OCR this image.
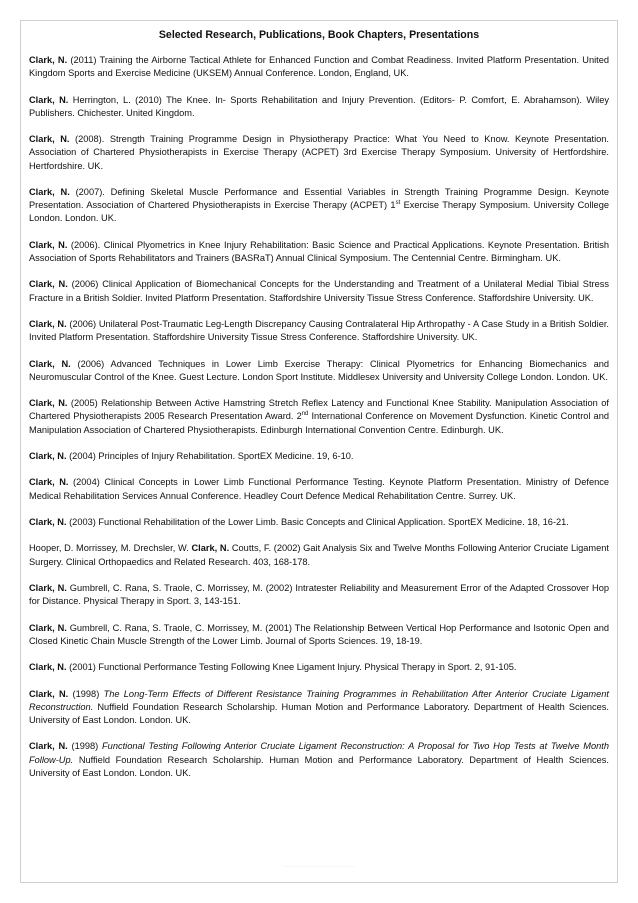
Selected Research, Publications, Book Chapters, Presentations

Clark, N. (2011) Training the Airborne Tactical Athlete for Enhanced Function and Combat Readiness. Invited Platform Presentation. United Kingdom Sports and Exercise Medicine (UKSEM) Annual Conference. London, England, UK.

Clark, N. Herrington, L. (2010) The Knee. In- Sports Rehabilitation and Injury Prevention. (Editors- P. Comfort, E. Abrahamson). Wiley Publishers. Chichester. United Kingdom.

Clark, N. (2008). Strength Training Programme Design in Physiotherapy Practice: What You Need to Know. Keynote Presentation. Association of Chartered Physiotherapists in Exercise Therapy (ACPET) 3rd Exercise Therapy Symposium. University of Hertfordshire. Hertfordshire. UK.

Clark, N. (2007). Defining Skeletal Muscle Performance and Essential Variables in Strength Training Programme Design. Keynote Presentation. Association of Chartered Physiotherapists in Exercise Therapy (ACPET) 1st Exercise Therapy Symposium. University College London. London. UK.

Clark, N. (2006). Clinical Plyometrics in Knee Injury Rehabilitation: Basic Science and Practical Applications. Keynote Presentation. British Association of Sports Rehabilitators and Trainers (BASRaT) Annual Clinical Symposium. The Centennial Centre. Birmingham. UK.

Clark, N. (2006) Clinical Application of Biomechanical Concepts for the Understanding and Treatment of a Unilateral Medial Tibial Stress Fracture in a British Soldier. Invited Platform Presentation. Staffordshire University Tissue Stress Conference. Staffordshire University. UK.

Clark, N. (2006) Unilateral Post-Traumatic Leg-Length Discrepancy Causing Contralateral Hip Arthropathy - A Case Study in a British Soldier. Invited Platform Presentation. Staffordshire University Tissue Stress Conference. Staffordshire University. UK.

Clark, N. (2006) Advanced Techniques in Lower Limb Exercise Therapy: Clinical Plyometrics for Enhancing Biomechanics and Neuromuscular Control of the Knee. Guest Lecture. London Sport Institute. Middlesex University and University College London. London. UK.

Clark, N. (2005) Relationship Between Active Hamstring Stretch Reflex Latency and Functional Knee Stability. Manipulation Association of Chartered Physiotherapists 2005 Research Presentation Award. 2nd International Conference on Movement Dysfunction. Kinetic Control and Manipulation Association of Chartered Physiotherapists. Edinburgh International Convention Centre. Edinburgh. UK.

Clark, N. (2004) Principles of Injury Rehabilitation. SportEX Medicine. 19, 6-10.

Clark, N. (2004) Clinical Concepts in Lower Limb Functional Performance Testing. Keynote Platform Presentation. Ministry of Defence Medical Rehabilitation Services Annual Conference. Headley Court Defence Medical Rehabilitation Centre. Surrey. UK.

Clark, N. (2003) Functional Rehabilitation of the Lower Limb. Basic Concepts and Clinical Application. SportEX Medicine. 18, 16-21.

Hooper, D. Morrissey, M. Drechsler, W. Clark, N. Coutts, F. (2002) Gait Analysis Six and Twelve Months Following Anterior Cruciate Ligament Surgery. Clinical Orthopaedics and Related Research. 403, 168-178.

Clark, N. Gumbrell, C. Rana, S. Traole, C. Morrissey, M. (2002) Intratester Reliability and Measurement Error of the Adapted Crossover Hop for Distance. Physical Therapy in Sport. 3, 143-151.

Clark, N. Gumbrell, C. Rana, S. Traole, C. Morrissey, M. (2001) The Relationship Between Vertical Hop Performance and Isotonic Open and Closed Kinetic Chain Muscle Strength of the Lower Limb. Journal of Sports Sciences. 19, 18-19.

Clark, N. (2001) Functional Performance Testing Following Knee Ligament Injury. Physical Therapy in Sport. 2, 91-105.

Clark, N. (1998) The Long-Term Effects of Different Resistance Training Programmes in Rehabilitation After Anterior Cruciate Ligament Reconstruction. Nuffield Foundation Research Scholarship. Human Motion and Performance Laboratory. Department of Health Sciences. University of East London. London. UK.

Clark, N. (1998) Functional Testing Following Anterior Cruciate Ligament Reconstruction: A Proposal for Two Hop Tests at Twelve Month Follow-Up. Nuffield Foundation Research Scholarship. Human Motion and Performance Laboratory. Department of Health Sciences. University of East London. London. UK.

......................................................................
